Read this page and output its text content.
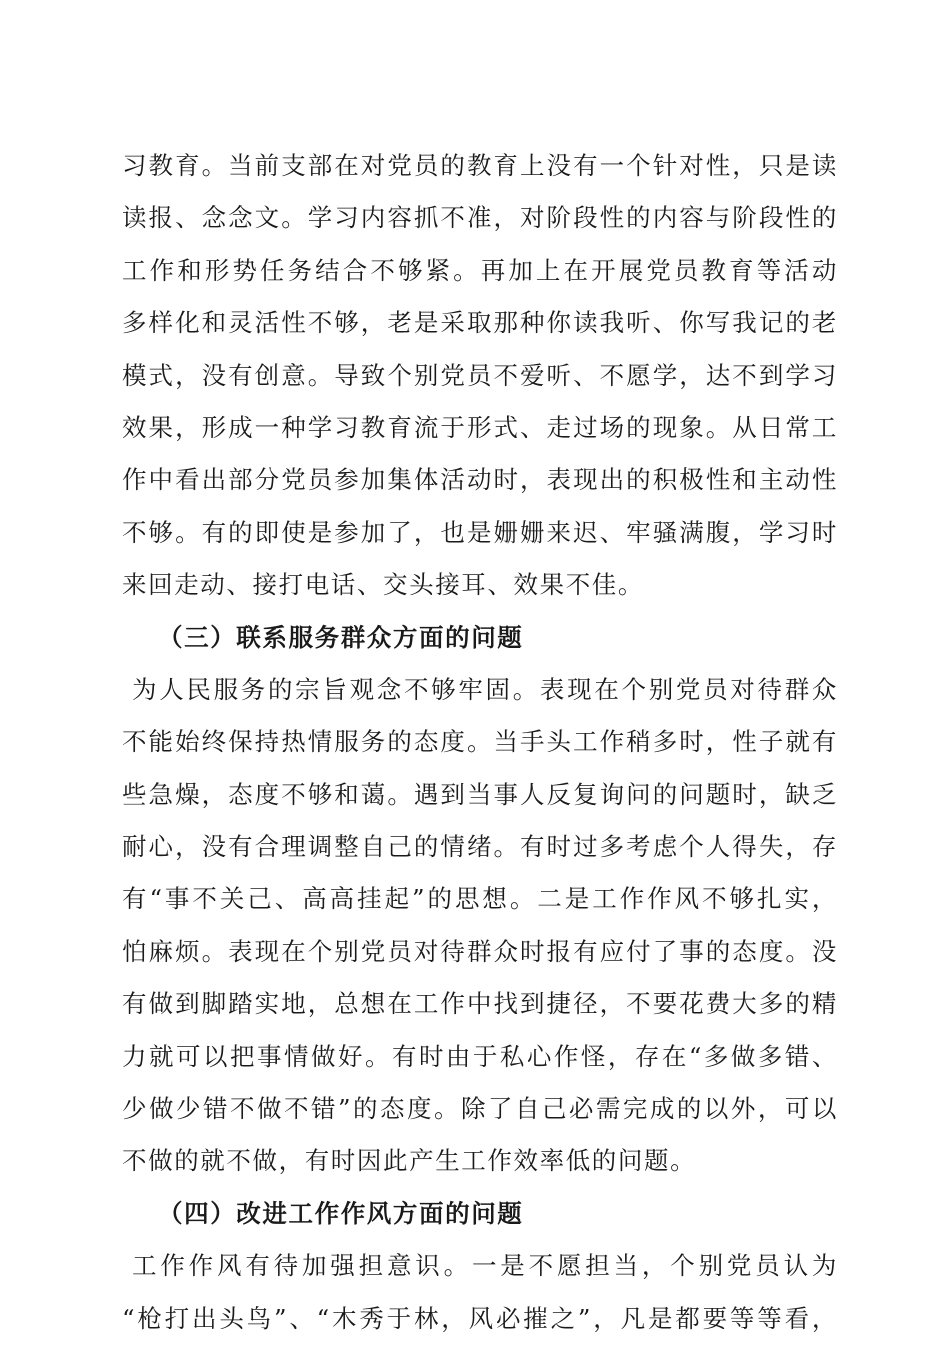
习教育。当前支部在对党员的教育上没有一个针对性，只是读
读报、念念文。学习内容抓不准，对阶段性的内容与阶段性的
工作和形势任务结合不够紧。再加上在开展党员教育等活动
多样化和灵活性不够，老是采取那种你读我听、你写我记的老
模式，没有创意。导致个别党员不爱听、不愿学，达不到学习
效果，形成一种学习教育流于形式、走过场的现象。从日常工
作中看出部分党员参加集体活动时，表现出的积极性和主动性
不够。有的即使是参加了，也是姗姗来迟、牢骚满腹，学习时
来回走动、接打电话、交头接耳、效果不佳。
（三）联系服务群众方面的问题
为人民服务的宗旨观念不够牢固。表现在个别党员对待群众
不能始终保持热情服务的态度。当手头工作稍多时，性子就有
些急燥，态度不够和蔼。遇到当事人反复询问的问题时，缺乏
耐心，没有合理调整自己的情绪。有时过多考虑个人得失，存
有“事不关己、高高挂起”的思想。二是工作作风不够扎实，
怕麻烦。表现在个别党员对待群众时报有应付了事的态度。没
有做到脚踏实地，总想在工作中找到捷径，不要花费大多的精
力就可以把事情做好。有时由于私心作怪，存在“多做多错、
少做少错不做不错”的态度。除了自己必需完成的以外，可以
不做的就不做，有时因此产生工作效率低的问题。
（四）改进工作作风方面的问题
工作作风有待加强担意识。一是不愿担当，个别党员认为
“枪打出头鸟”、“木秀于林，风必摧之”，凡是都要等等看，
